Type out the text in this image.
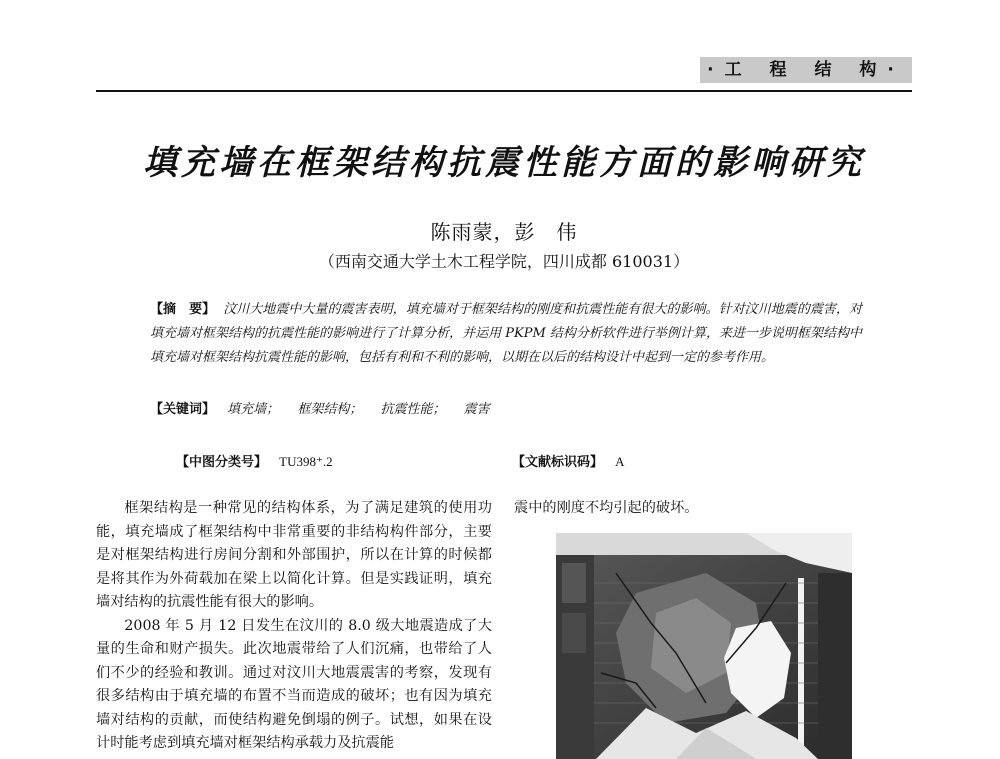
·工 程 结 构·
填充墙在框架结构抗震性能方面的影响研究
陈雨蒙，彭　伟
（西南交通大学土木工程学院，四川成都 610031）
【摘　要】 汶川大地震中大量的震害表明，填充墙对于框架结构的刚度和抗震性能有很大的影响。针对汶川地震的震害，对填充墙对框架结构的抗震性能的影响进行了计算分析，并运用 PKPM 结构分析软件进行举例计算，来进一步说明框架结构中填充墙对框架结构抗震性能的影响，包括有利和不利的影响，以期在以后的结构设计中起到一定的参考作用。
【关键词】 填充墙； 框架结构； 抗震性能； 震害
【中图分类号】 TU398⁺.2	【文献标识码】 A

框架结构是一种常见的结构体系，为了满足建筑的使用功能，填充墙成了框架结构中非常重要的非结构构件部分，主要是对框架结构进行房间分割和外部围护，所以在计算的时候都是将其作为外荷载加在梁上以简化计算。但是实践证明，填充墙对结构的抗震性能有很大的影响。

2008 年 5 月 12 日发生在汶川的 8.0 级大地震造成了大量的生命和财产损失。此次地震带给了人们沉痛，也带给了人们不少的经验和教训。通过对汶川大地震震害的考察，发现有很多结构由于填充墙的布置不当而造成的破坏；也有因为填充墙对结构的贡献，而使结构避免倒塌的例子。试想，如果在设计时能考虑到填充墙对框架结构承载力及抗震能

震中的刚度不均引起的破坏。
